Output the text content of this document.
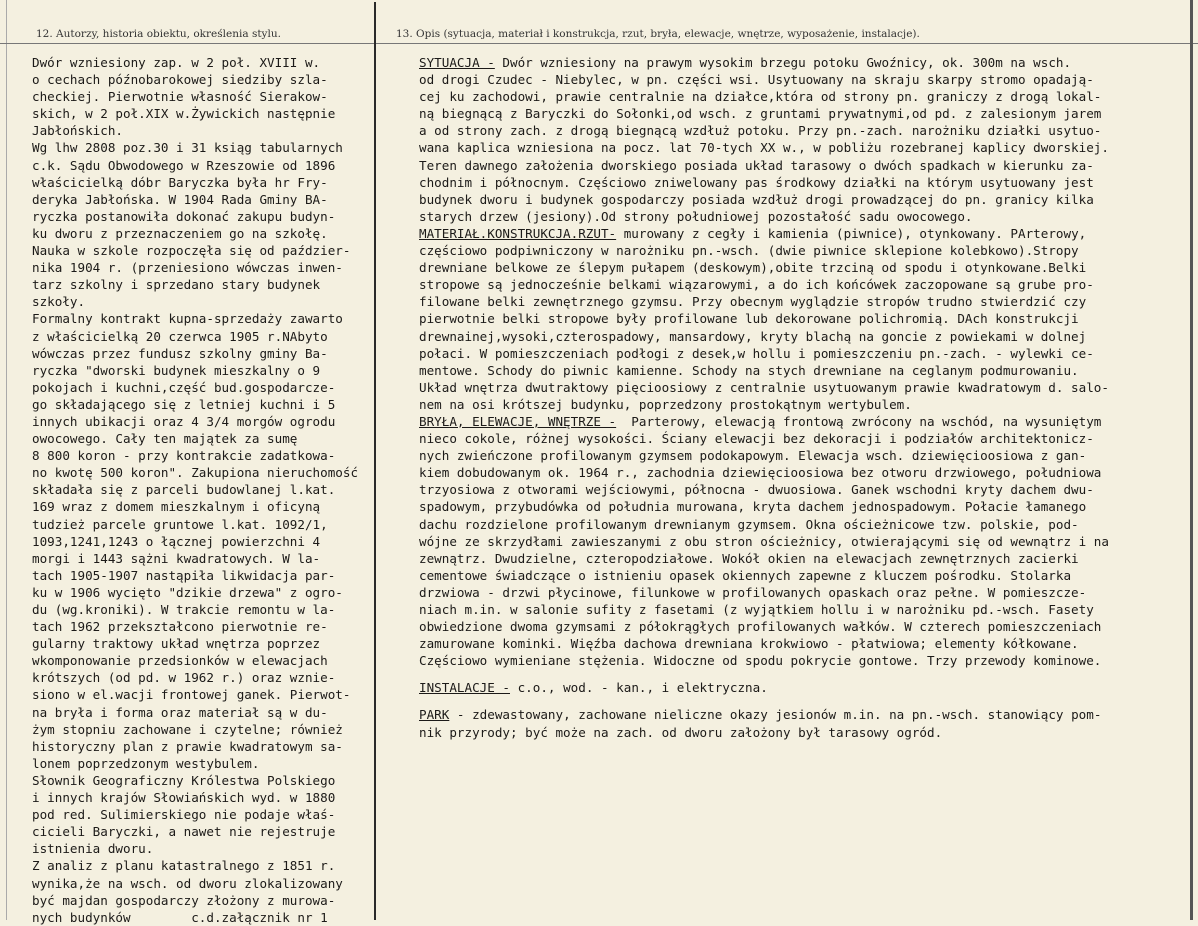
12. Autorzy, historia obiektu, określenia stylu.	13. Opis (sytuacja, materiał i konstrukcja, rzut, bryła, elewacje, wnętrze, wyposażenie, instalacje).
Dwór wzniesiony zap. w 2 poł. XVIII w.
o cechach późnobarokowej siedziby szla-
checkiej. Pierwotnie własność Sierakow-
skich, w 2 poł.XIX w.Żywickich następnie
Jabłońskich.
Wg lhw 2808 poz.30 i 31 ksiąg tabularnych
c.k. Sądu Obwodowego w Rzeszowie od 1896
właścicielką dóbr Baryczka była hr Fry-
deryka Jabłońska. W 1904 Rada Gminy BA-
ryczka postanowiła dokonać zakupu budyn-
ku dworu z przeznaczeniem go na szkołę.
Nauka w szkole rozpoczęła się od paździer-
nika 1904 r. (przeniesiono wówczas inwen-
tarz szkolny i sprzedano stary budynek
szkoły.
Formalny kontrakt kupna-sprzedaży zawarto
z właścicielką 20 czerwca 1905 r.NAbyto
wówczas przez fundusz szkolny gminy Ba-
ryczka "dworski budynek mieszkalny o 9
pokojach i kuchni,część bud.gospodarcze-
go składającego się z letniej kuchni i 5
innych ubikacji oraz 4 3/4 morgów ogrodu
owocowego. Cały ten majątek za sumę
8 800 koron - przy kontrakcie zadatkowa-
no kwotę 500 koron". Zakupiona nieruchomość
składała się z parceli budowlanej l.kat.
169 wraz z domem mieszkalnym i oficyną
tudzież parcele gruntowe l.kat. 1092/1,
1093,1241,1243 o łącznej powierzchni 4
morgi i 1443 sążni kwadratowych. W la-
tach 1905-1907 nastąpiła likwidacja par-
ku w 1906 wycięto "dzikie drzewa" z ogro-
du (wg.kroniki). W trakcie remontu w la-
tach 1962 przekształcono pierwotnie re-
gularny traktowy układ wnętrza poprzez
wkomponowanie przedsionków w elewacjach
krótszych (od pd. w 1962 r.) oraz wznie-
siono w el.wacji frontowej ganek. Pierwot-
na bryła i forma oraz materiał są w du-
żym stopniu zachowane i czytelne; również
historyczny plan z prawie kwadratowym sa-
lonem poprzedzonym westybulem.
Słownik Geograficzny Królestwa Polskiego
i innych krajów Słowiańskich wyd. w 1880
pod red. Sulimierskiego nie podaje właś-
cicieli Baryczki, a nawet nie rejestruje
istnienia dworu.
Z analiz z planu katastralnego z 1851 r.
wynika,że na wsch. od dworu zlokalizowany
być majdan gospodarczy złożony z murowa-
nych budynków        c.d.załącznik nr 1
SYTUACJA - Dwór wzniesiony na prawym wysokim brzegu potoku Gwoźnicy, ok. 300m na wsch.
od drogi Czudec - Niebylec, w pn. części wsi. Usytuowany na skraju skarpy stromo opadają-
cej ku zachodowi, prawie centralnie na działce,która od strony pn. graniczy z drogą lokal-
ną biegnącą z Baryczki do Sołonki,od wsch. z gruntami prywatnymi,od pd. z zalesionym jarem
a od strony zach. z drogą biegnącą wzdłuż potoku. Przy pn.-zach. narożniku działki usytuo-
wana kaplica wzniesiona na pocz. lat 70-tych XX w., w pobliżu rozebranej kaplicy dworskiej.
Teren dawnego założenia dworskiego posiada układ tarasowy o dwóch spadkach w kierunku za-
chodnim i północnym. Częściowo zniwelowany pas środkowy działki na którym usytuowany jest
budynek dworu i budynek gospodarczy posiada wzdłuż drogi prowadzącej do pn. granicy kilka
starych drzew (jesiony).Od strony południowej pozostałość sadu owocowego.
MATERIAŁ.KONSTRUKCJA.RZUT- murowany z cegły i kamienia (piwnice), otynkowany. PArterowy,
częściowo podpiwniczony w narożniku pn.-wsch. (dwie piwnice sklepione kolebkowo).Stropy
drewniane belkowe ze ślepym pułapem (deskowym),obite trzciną od spodu i otynkowane.Belki
stropowe są jednocześnie belkami wiązarowymi, a do ich końcówek zaczopowane są grube pro-
filowane belki zewnętrznego gzymsu. Przy obecnym wyglądzie stropów trudno stwierdzić czy
pierwotnie belki stropowe były profilowane lub dekorowane polichromią. DAch konstrukcji
drewnainej,wysoki,czterospadowy, mansardowy, kryty blachą na goncie z powiekami w dolnej
połaci. W pomieszczeniach podłogi z desek,w hollu i pomieszczeniu pn.-zach. - wylewki ce-
mentowe. Schody do piwnic kamienne. Schody na stych drewniane na ceglanym podmurowaniu.
Układ wnętrza dwutraktowy pięcioosiowy z centralnie usytuowanym prawie kwadratowym d. salo-
nem na osi krótszej budynku, poprzedzony prostokątnym wertybulem.
BRYŁA, ELEWACJE, WNĘTRZE -  Parterowy, elewacją frontową zwrócony na wschód, na wysuniętym
nieco cokole, różnej wysokości. Ściany elewacji bez dekoracji i podziałów architektonicz-
nych zwieńczone profilowanym gzymsem podokapowym. Elewacja wsch. dziewięcioosiowa z gan-
kiem dobudowanym ok. 1964 r., zachodnia dziewięcioosiowa bez otworu drzwiowego, południowa
trzyosiowa z otworami wejściowymi, północna - dwuosiowa. Ganek wschodni kryty dachem dwu-
spadowym, przybudówka od południa murowana, kryta dachem jednospadowym. Połacie łamanego
dachu rozdzielone profilowanym drewnianym gzymsem. Okna ościeżnicowe tzw. polskie, pod-
wójne ze skrzydłami zawieszanymi z obu stron ościeżnicy, otwierającymi się od wewnątrz i na
zewnątrz. Dwudzielne, czteropodziałowe. Wokół okien na elewacjach zewnętrznych zacierki
cementowe świadczące o istnieniu opasek okiennych zapewne z kluczem pośrodku. Stolarka
drzwiowa - drzwi płycinowe, filunkowe w profilowanych opaskach oraz pełne. W pomieszcze-
niach m.in. w salonie sufity z fasetami (z wyjątkiem hollu i w narożniku pd.-wsch. Fasety
obwiedzione dwoma gzymsami z półokrągłych profilowanych wałków. W czterech pomieszczeniach
zamurowane kominki. Więźba dachowa drewniana krokwiowo - płatwiowa; elementy kółkowane.
Częściowo wymieniane stężenia. Widoczne od spodu pokrycie gontowe. Trzy przewody kominowe.
INSTALACJE - c.o., wod. - kan., i elektryczna.
PARK - zdewastowany, zachowane nieliczne okazy jesionów m.in. na pn.-wsch. stanowiący pom-
nik przyrody; być może na zach. od dworu założony był tarasowy ogród.
